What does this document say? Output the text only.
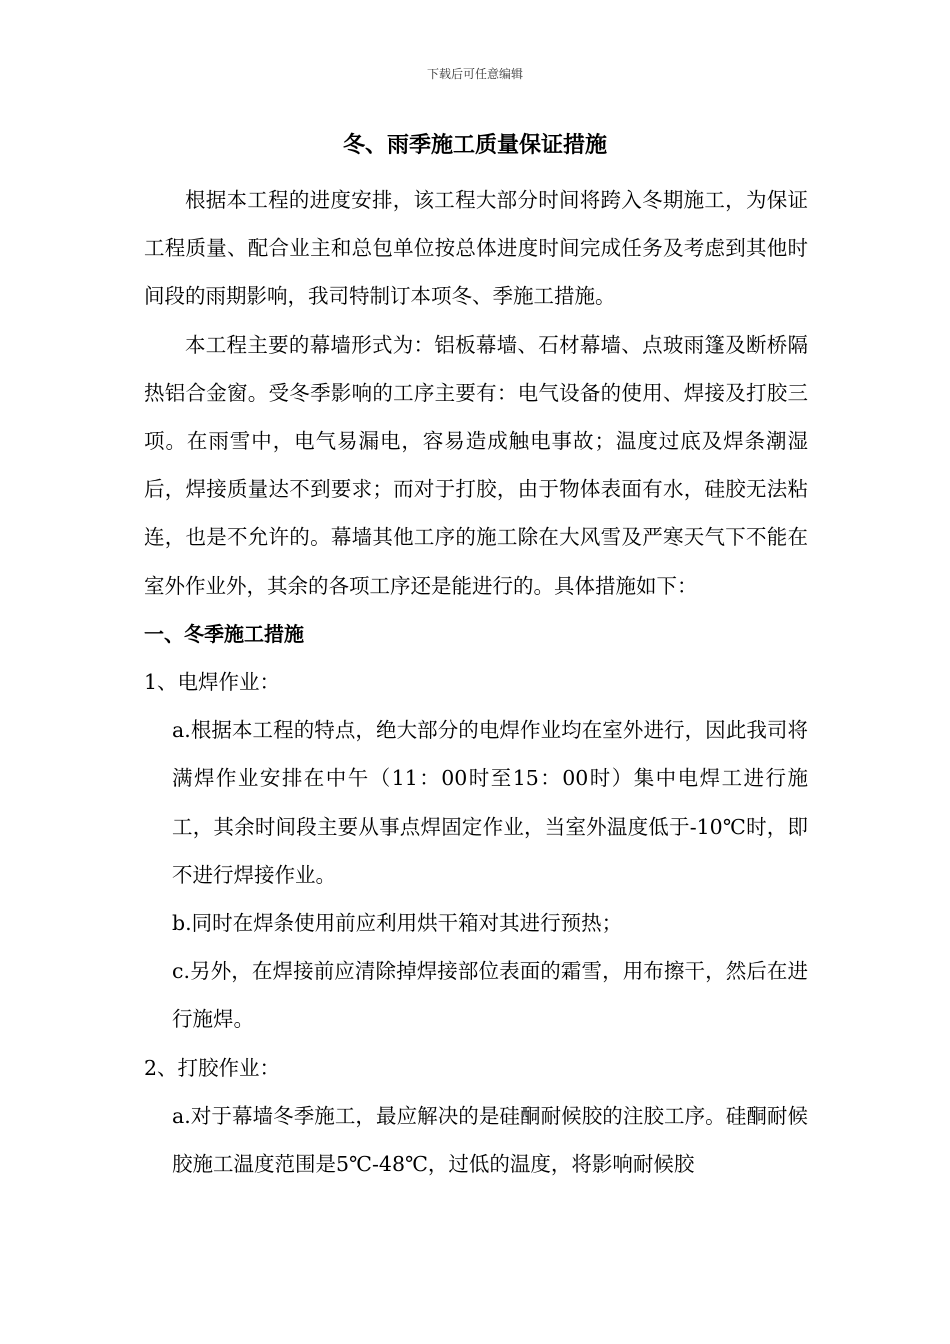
下载后可任意编辑
冬、雨季施工质量保证措施

根据本工程的进度安排，该工程大部分时间将跨入冬期施工，为保证工程质量、配合业主和总包单位按总体进度时间完成任务及考虑到其他时间段的雨期影响，我司特制订本项冬、季施工措施。

本工程主要的幕墙形式为：铝板幕墙、石材幕墙、点玻雨篷及断桥隔热铝合金窗。受冬季影响的工序主要有：电气设备的使用、焊接及打胶三项。在雨雪中，电气易漏电，容易造成触电事故；温度过底及焊条潮湿后，焊接质量达不到要求；而对于打胶，由于物体表面有水，硅胶无法粘连，也是不允许的。幕墙其他工序的施工除在大风雪及严寒天气下不能在室外作业外，其余的各项工序还是能进行的。具体措施如下：

一、冬季施工措施

1、电焊作业：

a.根据本工程的特点，绝大部分的电焊作业均在室外进行，因此我司将满焊作业安排在中午（11：00时至15：00时）集中电焊工进行施工，其余时间段主要从事点焊固定作业，当室外温度低于-10℃时，即不进行焊接作业。

b.同时在焊条使用前应利用烘干箱对其进行预热；

c.另外，在焊接前应清除掉焊接部位表面的霜雪，用布擦干，然后在进行施焊。

2、打胶作业：

a.对于幕墙冬季施工，最应解决的是硅酮耐候胶的注胶工序。硅酮耐候胶施工温度范围是5℃-48℃，过低的温度，将影响耐候胶
